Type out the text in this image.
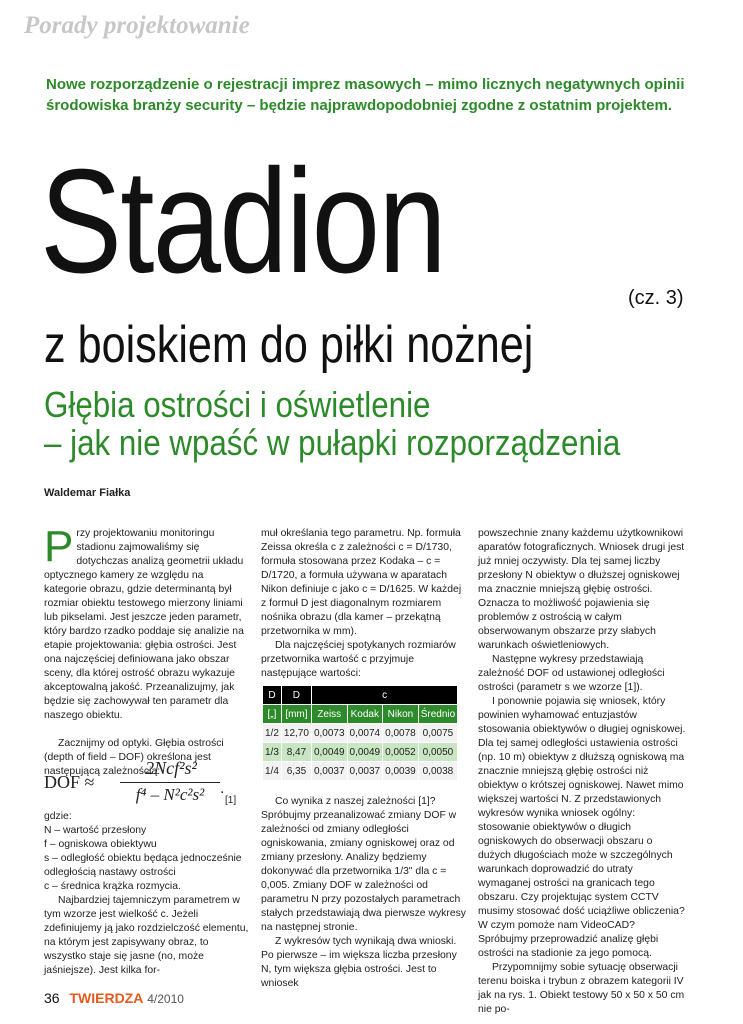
Porady projektowanie
Nowe rozporządzenie o rejestracji imprez masowych – mimo licznych negatywnych opinii środowiska branży security – będzie najprawdopodobniej zgodne z ostatnim projektem.
Stadion	(cz. 3)
z boiskiem do piłki nożnej
Głębia ostrości i oświetlenie
– jak nie wpaść w pułapki rozporządzenia
Waldemar Fiałka

Przy projektowaniu monitoringu stadionu zajmowaliśmy się dotychczas analizą geometrii układu optycznego kamery ze względu na kategorie obrazu, gdzie determinantą był rozmiar obiektu testowego mierzony liniami lub pikselami. Jest jeszcze jeden parametr, który bardzo rzadko poddaje się analizie na etapie projektowania: głębia ostrości. Jest ona najczęściej definiowana jako obszar sceny, dla której ostrość obrazu wykazuje akceptowalną jakość. Przeanalizujmy, jak będzie się zachowywał ten parametr dla naszego obiektu.

Zacznijmy od optyki. Głębia ostrości (depth of field – DOF) określona jest następującą zależnością:

DOF ≈
2Ncf²s²
f⁴ – N²c²s² .
[1]

gdzie:

N – wartość przesłony

f – ogniskowa obiektywu

s – odległość obiektu będąca jednocześnie odległością nastawy ostrości

c – średnica krążka rozmycia.

Najbardziej tajemniczym parametrem w tym wzorze jest wielkość c. Jeżeli zdefiniujemy ją jako rozdzielczość elementu, na którym jest zapisywany obraz, to wszystko staje się jasne (no, może jaśniejsze). Jest kilka for-

muł określania tego parametru. Np. formuła Zeissa określa c z zależności c = D/1730, formuła stosowana przez Kodaka – c = D/1720, a formuła używana w aparatach Nikon definiuje c jako c = D/1625. W każdej z formuł D jest diagonalnym rozmiarem nośnika obrazu (dla kamer – przekątną przetwornika w mm).

Dla najczęściej spotykanych rozmiarów przetwornika wartość c przyjmuje następujące wartości:

D	D	c			
[„]	[mm]	Zeiss	Kodak	Nikon	Średnio
1/2	12,70	0,0073	0,0074	0,0078	0,0075
1/3	8,47	0,0049	0,0049	0,0052	0,0050
1/4	6,35	0,0037	0,0037	0,0039	0,0038

Co wynika z naszej zależności [1]? Spróbujmy przeanalizować zmiany DOF w zależności od zmiany odległości ogniskowania, zmiany ogniskowej oraz od zmiany przesłony. Analizy będziemy dokonywać dla przetwornika 1/3" dla c = 0,005. Zmiany DOF w zależności od parametru N przy pozostałych parametrach stałych przedstawiają dwa pierwsze wykresy na następnej stronie.

Z wykresów tych wynikają dwa wnioski. Po pierwsze – im większa liczba przesłony N, tym większa głębia ostrości. Jest to wniosek

powszechnie znany każdemu użytkownikowi aparatów fotograficznych. Wniosek drugi jest już mniej oczywisty. Dla tej samej liczby przesłony N obiektyw o dłuższej ogniskowej ma znacznie mniejszą głębię ostrości. Oznacza to możliwość pojawienia się problemów z ostrością w całym obserwowanym obszarze przy słabych warunkach oświetleniowych.

Następne wykresy przedstawiają zależność DOF od ustawionej odległości ostrości (parametr s we wzorze [1]).

I ponownie pojawia się wniosek, który powinien wyhamować entuzjastów stosowania obiektywów o długiej ogniskowej. Dla tej samej odległości ustawienia ostrości (np. 10 m) obiektyw z dłuższą ogniskową ma znacznie mniejszą głębię ostrości niż obiektyw o krótszej ogniskowej. Nawet mimo większej wartości N. Z przedstawionych wykresów wynika wniosek ogólny: stosowanie obiektywów o długich ogniskowych do obserwacji obszaru o dużych długościach może w szczególnych warunkach doprowadzić do utraty wymaganej ostrości na granicach tego obszaru. Czy projektując system CCTV musimy stosować dość uciążliwe obliczenia? W czym pomoże nam VideoCAD? Spróbujmy przeprowadzić analizę głębi ostrości na stadionie za jego pomocą.

Przypomnijmy sobie sytuację obserwacji terenu boiska i trybun z obrazem kategorii IV jak na rys. 1. Obiekt testowy 50 x 50 x 50 cm nie po-

36 TWIERDZA 4/2010
